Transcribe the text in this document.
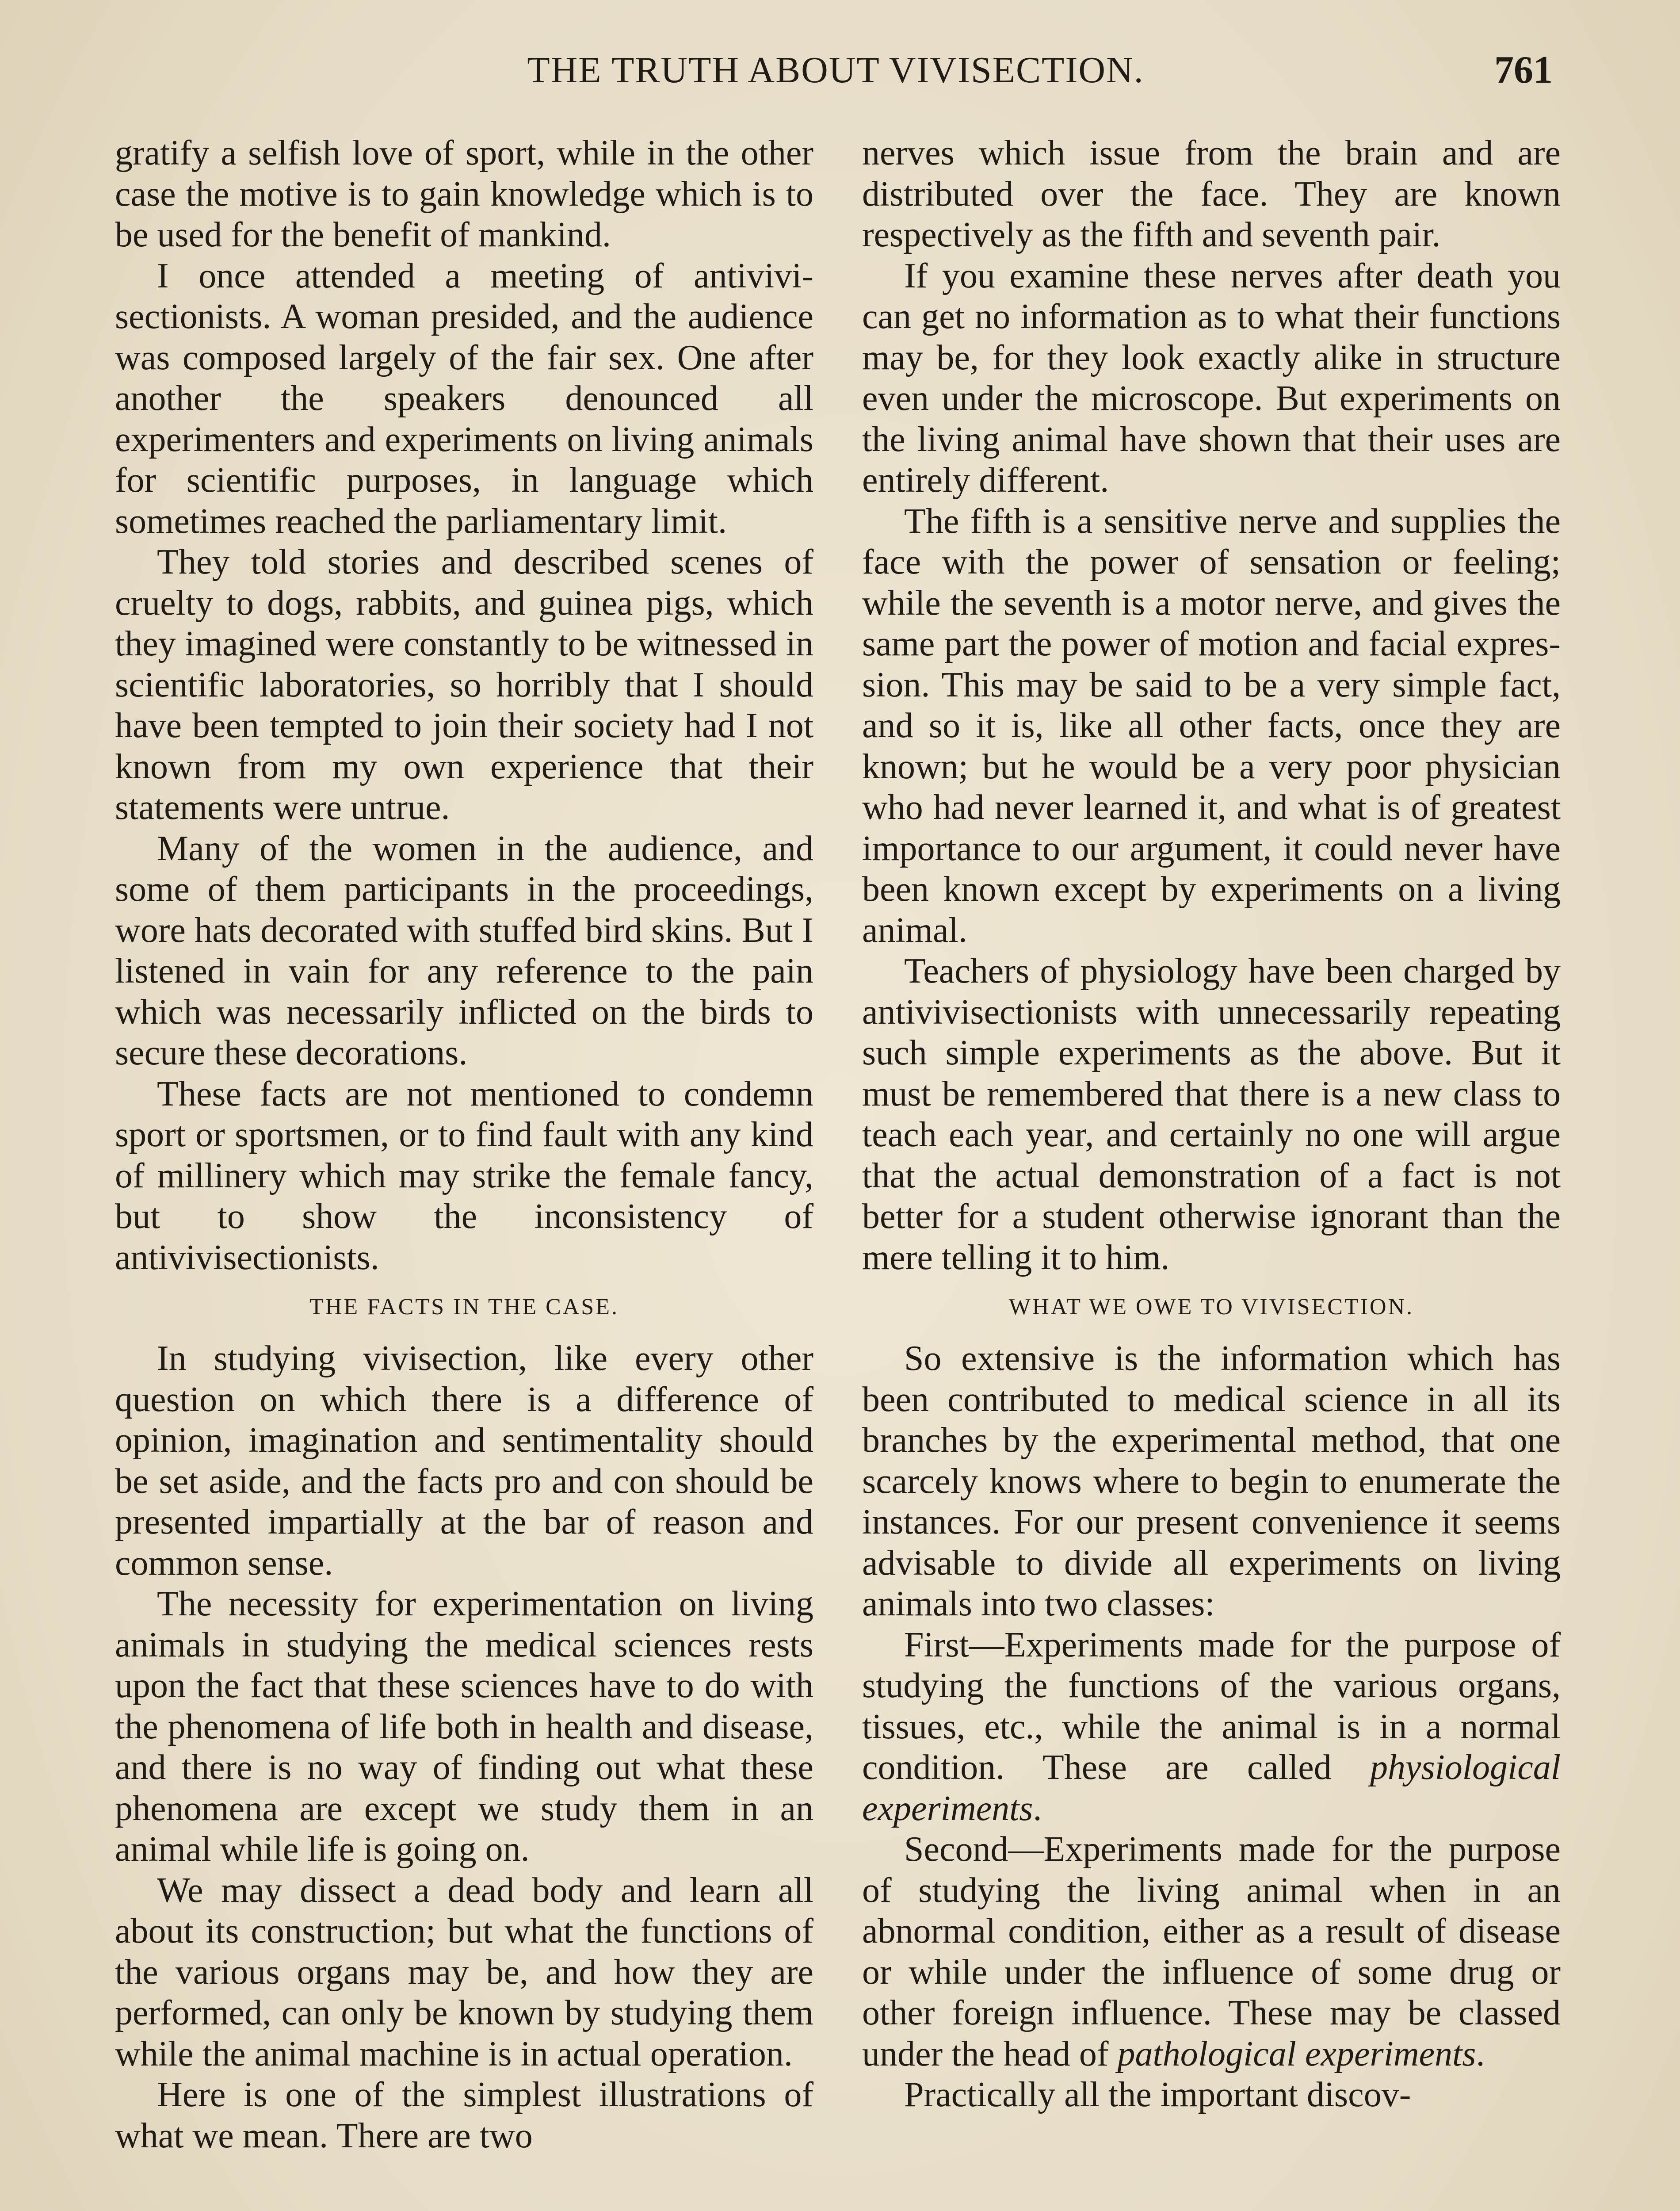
THE TRUTH ABOUT VIVISECTION.	761

gratify a selfish love of sport, while in the other case the motive is to gain knowledge which is to be used for the benefit of mankind.

I once attended a meeting of antivivisectionists. A woman presided, and the audience was composed largely of the fair sex. One after another the speakers denounced all experimenters and experiments on living animals for scientific purposes, in language which sometimes reached the parliamentary limit.

They told stories and described scenes of cruelty to dogs, rabbits, and guinea pigs, which they imagined were constantly to be witnessed in scientific laboratories, so horribly that I should have been tempted to join their society had I not known from my own experience that their statements were untrue.

Many of the women in the audience, and some of them participants in the proceedings, wore hats decorated with stuffed bird skins. But I listened in vain for any reference to the pain which was necessarily inflicted on the birds to secure these decorations.

These facts are not mentioned to condemn sport or sportsmen, or to find fault with any kind of millinery which may strike the female fancy, but to show the inconsistency of antivivisectionists.

THE FACTS IN THE CASE.

In studying vivisection, like every other question on which there is a difference of opinion, imagination and sentimentality should be set aside, and the facts pro and con should be presented impartially at the bar of reason and common sense.

The necessity for experimentation on living animals in studying the medical sciences rests upon the fact that these sciences have to do with the phenomena of life both in health and disease, and there is no way of finding out what these phenomena are except we study them in an animal while life is going on.

We may dissect a dead body and learn all about its construction; but what the functions of the various organs may be, and how they are performed, can only be known by studying them while the animal machine is in actual operation.

Here is one of the simplest illustrations of what we mean. There are two

nerves which issue from the brain and are distributed over the face. They are known respectively as the fifth and seventh pair.

If you examine these nerves after death you can get no information as to what their functions may be, for they look exactly alike in structure even under the microscope. But experiments on the living animal have shown that their uses are entirely different.

The fifth is a sensitive nerve and supplies the face with the power of sensation or feeling; while the seventh is a motor nerve, and gives the same part the power of motion and facial expression. This may be said to be a very simple fact, and so it is, like all other facts, once they are known; but he would be a very poor physician who had never learned it, and what is of greatest importance to our argument, it could never have been known except by experiments on a living animal.

Teachers of physiology have been charged by antivivisectionists with unnecessarily repeating such simple experiments as the above. But it must be remembered that there is a new class to teach each year, and certainly no one will argue that the actual demonstration of a fact is not better for a student otherwise ignorant than the mere telling it to him.

WHAT WE OWE TO VIVISECTION.

So extensive is the information which has been contributed to medical science in all its branches by the experimental method, that one scarcely knows where to begin to enumerate the instances. For our present convenience it seems advisable to divide all experiments on living animals into two classes:

First—Experiments made for the purpose of studying the functions of the various organs, tissues, etc., while the animal is in a normal condition. These are called physiological experiments.

Second—Experiments made for the purpose of studying the living animal when in an abnormal condition, either as a result of disease or while under the influence of some drug or other foreign influence. These may be classed under the head of pathological experiments.

Practically all the important discov-
